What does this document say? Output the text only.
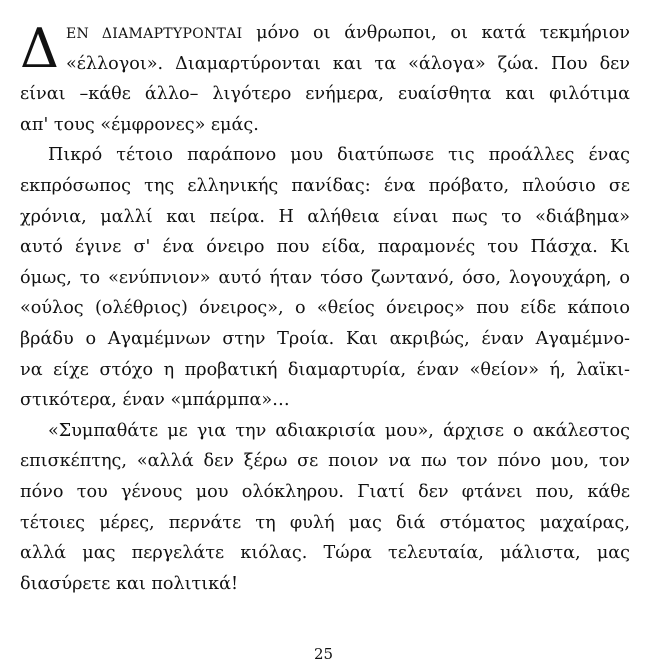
Δ ΕΝ ΔΙΑΜΑΡΤΥΡΟΝΤΑΙ μόνο οι άνθρωποι, οι κατά τεκμήριον
«έλλογοι». Διαμαρτύρονται και τα «άλογα» ζώα. Που δεν
είναι –κάθε άλλο– λιγότερο ενήμερα, ευαίσθητα και φιλότιμα
απ' τους «έμφρονες» εμάς.
Πικρό τέτοιο παράπονο μου διατύπωσε τις προάλλες ένας
εκπρόσωπος της ελληνικής πανίδας: ένα πρόβατο, πλούσιο σε
χρόνια, μαλλί και πείρα. Η αλήθεια είναι πως το «διάβημα»
αυτό έγινε σ' ένα όνειρο που είδα, παραμονές του Πάσχα. Κι
όμως, το «ενύπνιον» αυτό ήταν τόσο ζωντανό, όσο, λογουχάρη, ο
«ούλος (ολέθριος) όνειρος», ο «θείος όνειρος» που είδε κάποιο
βράδυ ο Αγαμέμνων στην Τροία. Και ακριβώς, έναν Αγαμέμνο-
να είχε στόχο η προβατική διαμαρτυρία, έναν «θείον» ή, λαϊκι-
στικότερα, έναν «μπάρμπα»…
«Συμπαθάτε με για την αδιακρισία μου», άρχισε ο ακάλεστος
επισκέπτης, «αλλά δεν ξέρω σε ποιον να πω τον πόνο μου, τον
πόνο του γένους μου ολόκληρου. Γιατί δεν φτάνει που, κάθε
τέτοιες μέρες, περνάτε τη φυλή μας διά στόματος μαχαίρας,
αλλά μας περγελάτε κιόλας. Τώρα τελευταία, μάλιστα, μας
διασύρετε και πολιτικά!
25
